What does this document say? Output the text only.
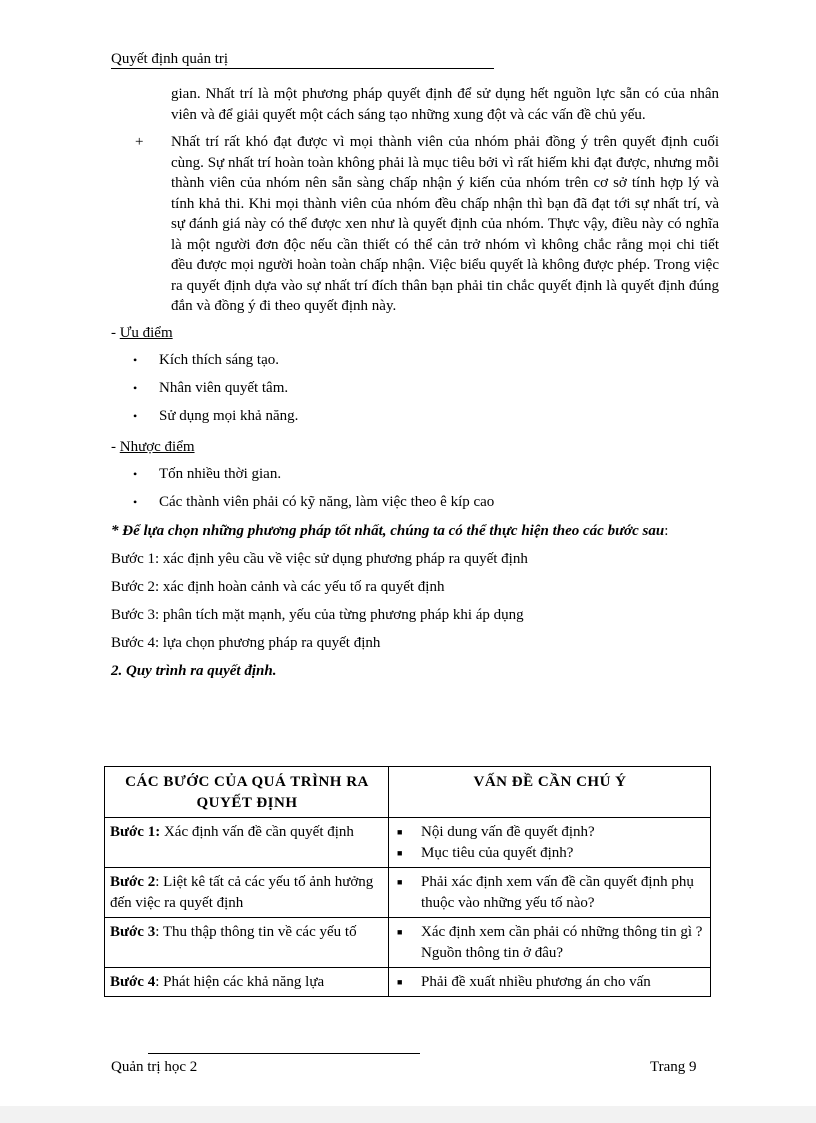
Quyết định quản trị

gian. Nhất trí là một phương pháp quyết định để sử dụng hết nguồn lực sẵn có của nhân viên và để giải quyết một cách sáng tạo những xung đột và các vấn đề chủ yếu.

+	Nhất trí rất khó đạt được vì mọi thành viên của nhóm phải đồng ý trên quyết định cuối cùng. Sự nhất trí hoàn toàn không phải là mục tiêu bởi vì rất hiếm khi đạt được, nhưng mỗi thành viên của nhóm nên sẵn sàng chấp nhận ý kiến của nhóm trên cơ sở tính hợp lý và tính khả thi. Khi mọi thành viên của nhóm đều chấp nhận thì bạn đã đạt tới sự nhất trí, và sự đánh giá này có thể được xen như là quyết định của nhóm. Thực vậy, điều này có nghĩa là một người đơn độc nếu cần thiết có thể cản trở nhóm vì không chắc rằng mọi chi tiết đều được mọi người hoàn toàn chấp nhận. Việc biểu quyết là không được phép. Trong việc ra quyết định dựa vào sự nhất trí đích thân bạn phải tin chắc quyết định là quyết định đúng đắn và đồng ý đi theo quyết định này.
- Ưu điểm
•	Kích thích sáng tạo.
•	Nhân viên quyết tâm.
•	Sử dụng mọi khả năng.
- Nhược điểm
•	Tốn nhiều thời gian.
•	Các thành viên phải có kỹ năng, làm việc theo ê kíp cao

* Để lựa chọn những phương pháp tốt nhất, chúng ta có thể thực hiện theo các bước sau:

Bước 1: xác định yêu cầu về việc sử dụng phương pháp ra quyết định

Bước 2: xác định hoàn cảnh và các yếu tố ra quyết định

Bước 3: phân tích mặt mạnh, yếu của từng phương pháp khi áp dụng

Bước 4: lựa chọn phương pháp ra quyết định

2. Quy trình ra quyết định.

CÁC BƯỚC CỦA QUÁ TRÌNH RA QUYẾT ĐỊNH	VẤN ĐỀ CẦN CHÚ Ý
Bước 1: Xác định vấn đề cần quyết định	■ Nội dung vấn đề quyết định?
■ Mục tiêu của quyết định?

Bước 2: Liệt kê tất cả các yếu tố ảnh hưởng đến việc ra quyết định	■ Phải xác định xem vấn đề cần quyết định phụ thuộc vào những yếu tố nào?

Bước 3: Thu thập thông tin về các yếu tố	■ Xác định xem cần phải có những thông tin gì ? Nguồn thông tin ở đâu?

Bước 4: Phát hiện các khả năng lựa	■ Phải đề xuất nhiều phương án cho vấn
Quản trị học 2	Trang 9
